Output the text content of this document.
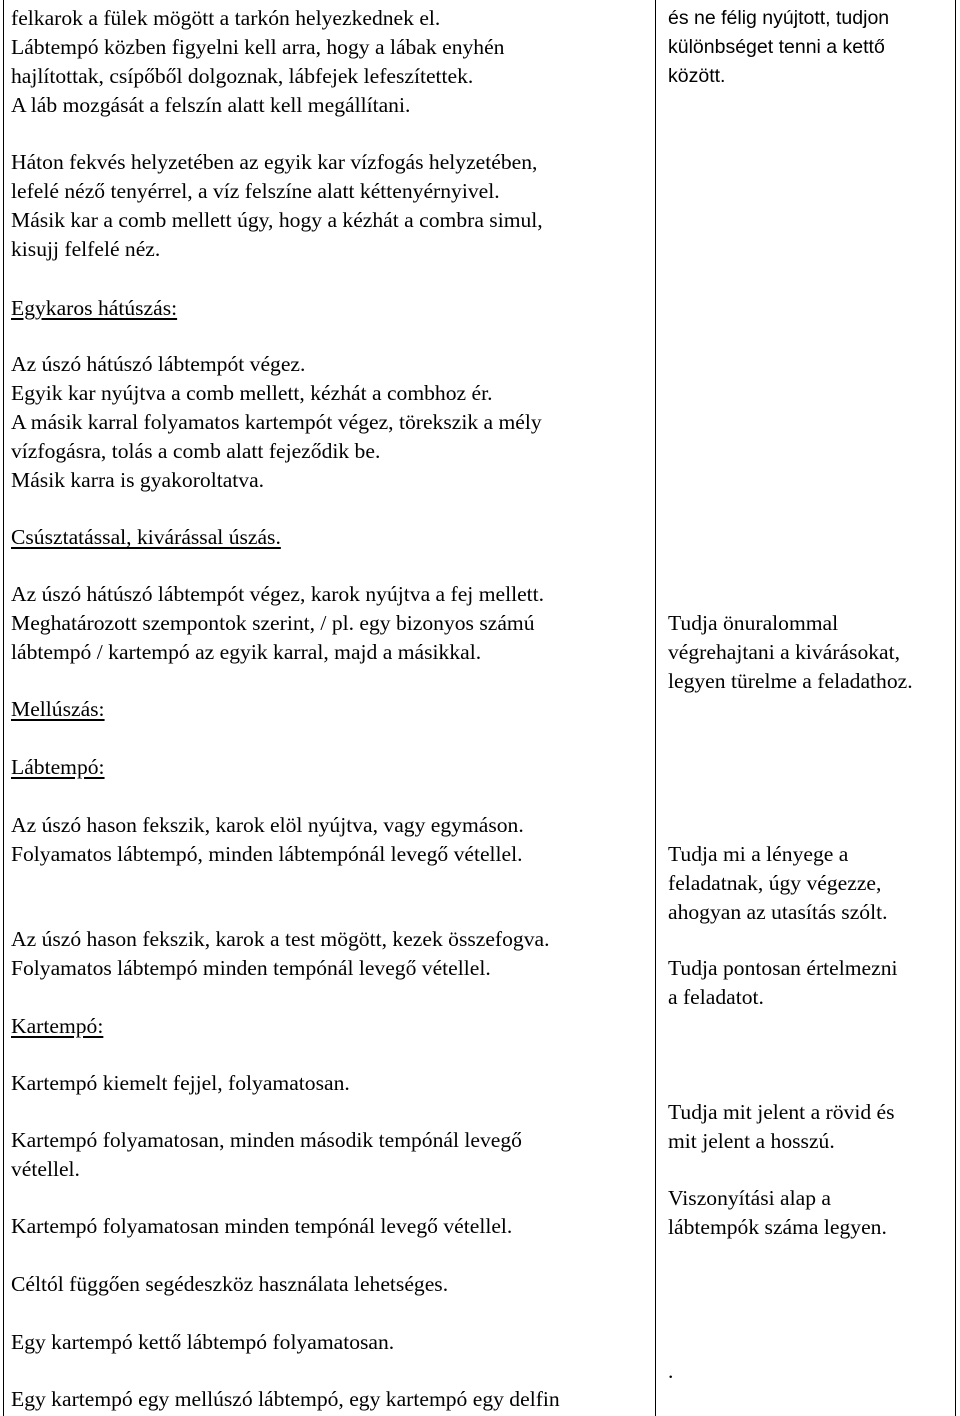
felkarok a fülek mögött a tarkón helyezkednek el.
Lábtempó közben figyelni kell arra, hogy a lábak enyhén
hajlítottak, csípőből dolgoznak, lábfejek lefeszítettek.
A láb mozgását a felszín alatt kell megállítani.
Háton fekvés helyzetében az egyik kar vízfogás helyzetében,
lefelé néző tenyérrel, a víz felszíne alatt kéttenyérnyivel.
Másik kar a comb mellett úgy, hogy a kézhát a combra simul,
kisujj felfelé néz.
Egykaros hátúszás:
Az úszó hátúszó lábtempót végez.
Egyik kar nyújtva a comb mellett, kézhát a combhoz ér.
A másik karral folyamatos kartempót végez, törekszik a mély
vízfogásra, tolás a comb alatt fejeződik be.
Másik karra is gyakoroltatva.
Csúsztatással, kivárással úszás.
Az úszó hátúszó lábtempót végez, karok nyújtva a fej mellett.
Meghatározott szempontok szerint, / pl. egy bizonyos számú
lábtempó / kartempó az egyik karral, majd a másikkal.
Mellúszás:
Lábtempó:
Az úszó hason fekszik, karok elöl nyújtva, vagy egymáson.
Folyamatos lábtempó, minden lábtempónál levegő vétellel.
Az úszó hason fekszik, karok a test mögött, kezek összefogva.
Folyamatos lábtempó minden tempónál levegő vétellel.
Kartempó:
Kartempó kiemelt fejjel, folyamatosan.
Kartempó folyamatosan, minden második tempónál levegő
vétellel.
Kartempó folyamatosan minden tempónál levegő vétellel.
Céltól függően segédeszköz használata lehetséges.
Egy kartempó kettő lábtempó folyamatosan.
Egy kartempó egy mellúszó lábtempó, egy kartempó egy delfin
és ne félig nyújtott, tudjon
különbséget tenni a kettő
között.
Tudja önuralommal
végrehajtani a kivárásokat,
legyen türelme a feladathoz.
Tudja mi a lényege a
feladatnak, úgy végezze,
ahogyan az utasítás szólt.
Tudja pontosan értelmezni
a feladatot.
Tudja mit jelent a rövid és
mit jelent a hosszú.
Viszonyítási alap a
lábtempók száma legyen.
.
